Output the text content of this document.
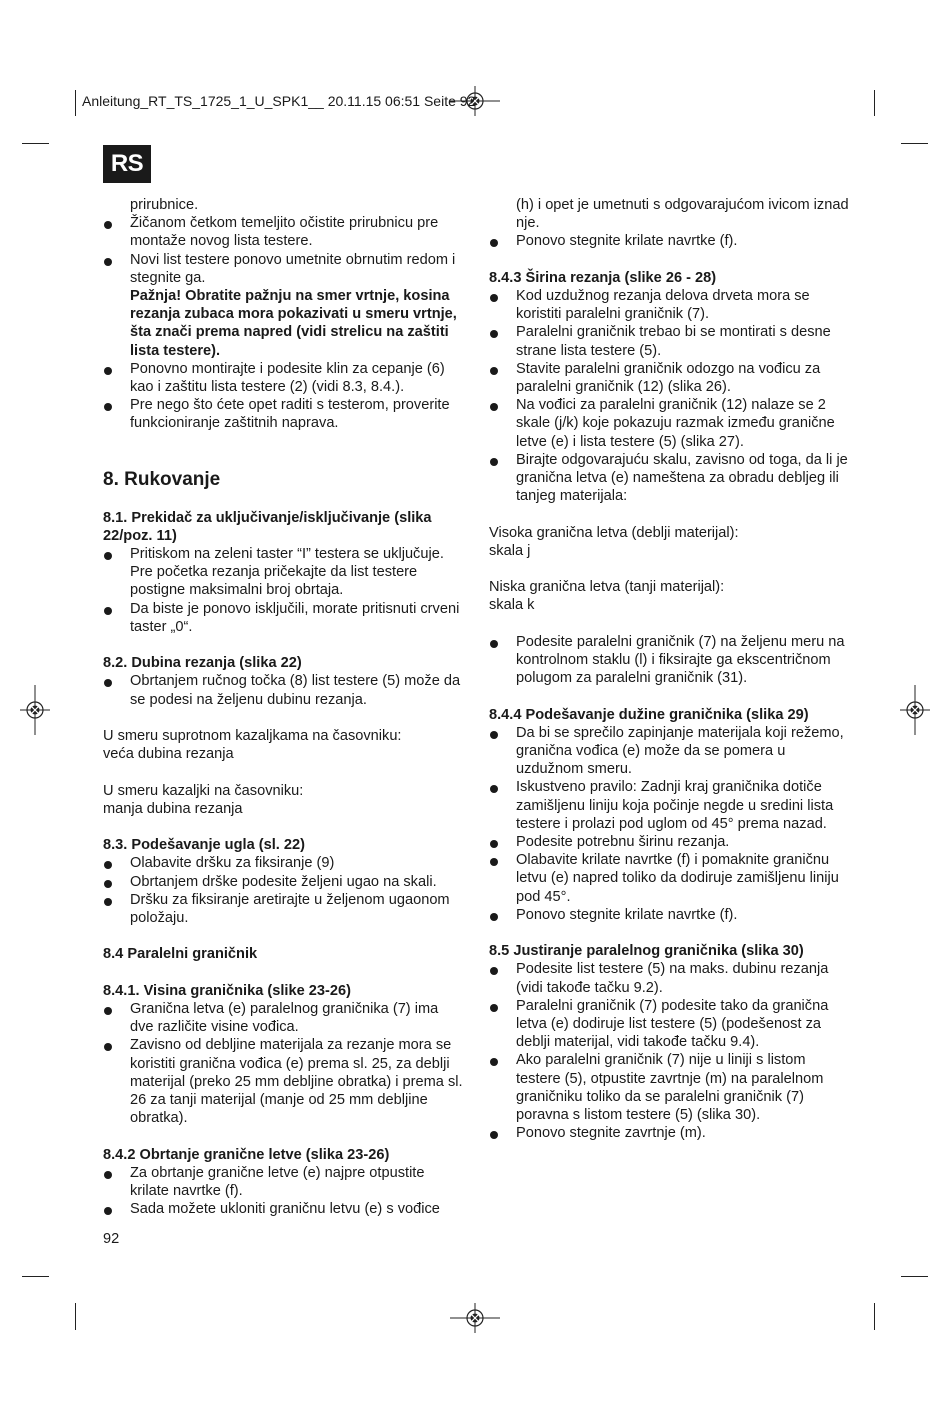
Anleitung_RT_TS_1725_1_U_SPK1__ 20.11.15 06:51 Seite 92
RS

prirubnice.

Žičanom četkom temeljito očistite prirubnicu pre montaže novog lista testere.

Novi list testere ponovo umetnite obrnutim redom i stegnite ga.

Pažnja! Obratite pažnju na smer vrtnje, kosina rezanja zubaca mora pokazivati u smeru vrtnje, šta znači prema napred (vidi strelicu na zaštiti lista testere).

Ponovno montirajte i podesite klin za cepanje (6) kao i zaštitu lista testere (2) (vidi 8.3, 8.4.).

Pre nego što ćete opet raditi s testerom, proverite funkcioniranje zaštitnih naprava.

8. Rukovanje

8.1. Prekidač za uključivanje/isključivanje (slika 22/poz. 11)

Pritiskom na zeleni taster “I” testera se uključuje. Pre početka rezanja pričekajte da list testere postigne maksimalni broj obrtaja.

Da biste je ponovo isključili, morate pritisnuti crveni taster „0“.

8.2. Dubina rezanja (slika 22)

Obrtanjem ručnog točka (8) list testere (5) može da se podesi na željenu dubinu rezanja.

U smeru suprotnom kazaljkama na časovniku:

veća dubina rezanja

U smeru kazaljki na časovniku:

manja dubina rezanja

8.3. Podešavanje ugla (sl. 22)

Olabavite dršku za fiksiranje (9)

Obrtanjem drške podesite željeni ugao na skali.

Dršku za fiksiranje aretirajte u željenom ugaonom položaju.

8.4 Paralelni graničnik

8.4.1. Visina graničnika (slike 23-26)

Granična letva (e) paralelnog graničnika (7) ima dve različite visine vođica.

Zavisno od debljine materijala za rezanje mora se koristiti granična vođica (e) prema sl. 25, za deblji materijal (preko 25 mm debljine obratka) i prema sl. 26 za tanji materijal (manje od 25 mm debljine obratka).

8.4.2 Obrtanje granične letve (slika 23-26)

Za obrtanje granične letve (e) najpre otpustite krilate navrtke (f).

Sada možete ukloniti graničnu letvu (e) s vođice

(h) i opet je umetnuti s odgovarajućom ivicom iznad nje.

Ponovo stegnite krilate navrtke (f).

8.4.3 Širina rezanja (slike 26 - 28)

Kod uzdužnog rezanja delova drveta mora se koristiti paralelni graničnik (7).

Paralelni graničnik trebao bi se montirati s desne strane lista testere (5).

Stavite paralelni graničnik odozgo na vođicu za paralelni graničnik (12) (slika 26).

Na vođici za paralelni graničnik (12) nalaze se 2 skale (j/k) koje pokazuju razmak između granične letve (e) i lista testere (5) (slika 27).

Birajte odgovarajuću skalu, zavisno od toga, da li je granična letva (e) nameštena za obradu debljeg ili tanjeg materijala:

Visoka granična letva (deblji materijal):

skala j

Niska granična letva (tanji materijal):

skala k

Podesite paralelni graničnik (7) na željenu meru na kontrolnom staklu (l) i fiksirajte ga ekscentričnom polugom za paralelni graničnik (31).

8.4.4 Podešavanje dužine graničnika (slika 29)

Da bi se sprečilo zapinjanje materijala koji režemo, granična vođica (e) može da se pomera u uzdužnom smeru.

Iskustveno pravilo: Zadnji kraj graničnika dotiče zamišljenu liniju koja počinje negde u sredini lista testere i prolazi pod uglom od 45° prema nazad.

Podesite potrebnu širinu rezanja.

Olabavite krilate navrtke (f) i pomaknite graničnu letvu (e) napred toliko da dodiruje zamišljenu liniju pod 45°.

Ponovo stegnite krilate navrtke (f).

8.5 Justiranje paralelnog graničnika (slika 30)

Podesite list testere (5) na maks. dubinu rezanja (vidi takođe tačku 9.2).

Paralelni graničnik (7) podesite tako da granična letva (e) dodiruje list testere (5) (podešenost za deblji materijal, vidi takođe tačku 9.4).

Ako paralelni graničnik (7) nije u liniji s listom testere (5), otpustite zavrtnje (m) na paralelnom graničniku toliko da se paralelni graničnik (7) poravna s listom testere (5) (slika 30).

Ponovo stegnite zavrtnje (m).

92
